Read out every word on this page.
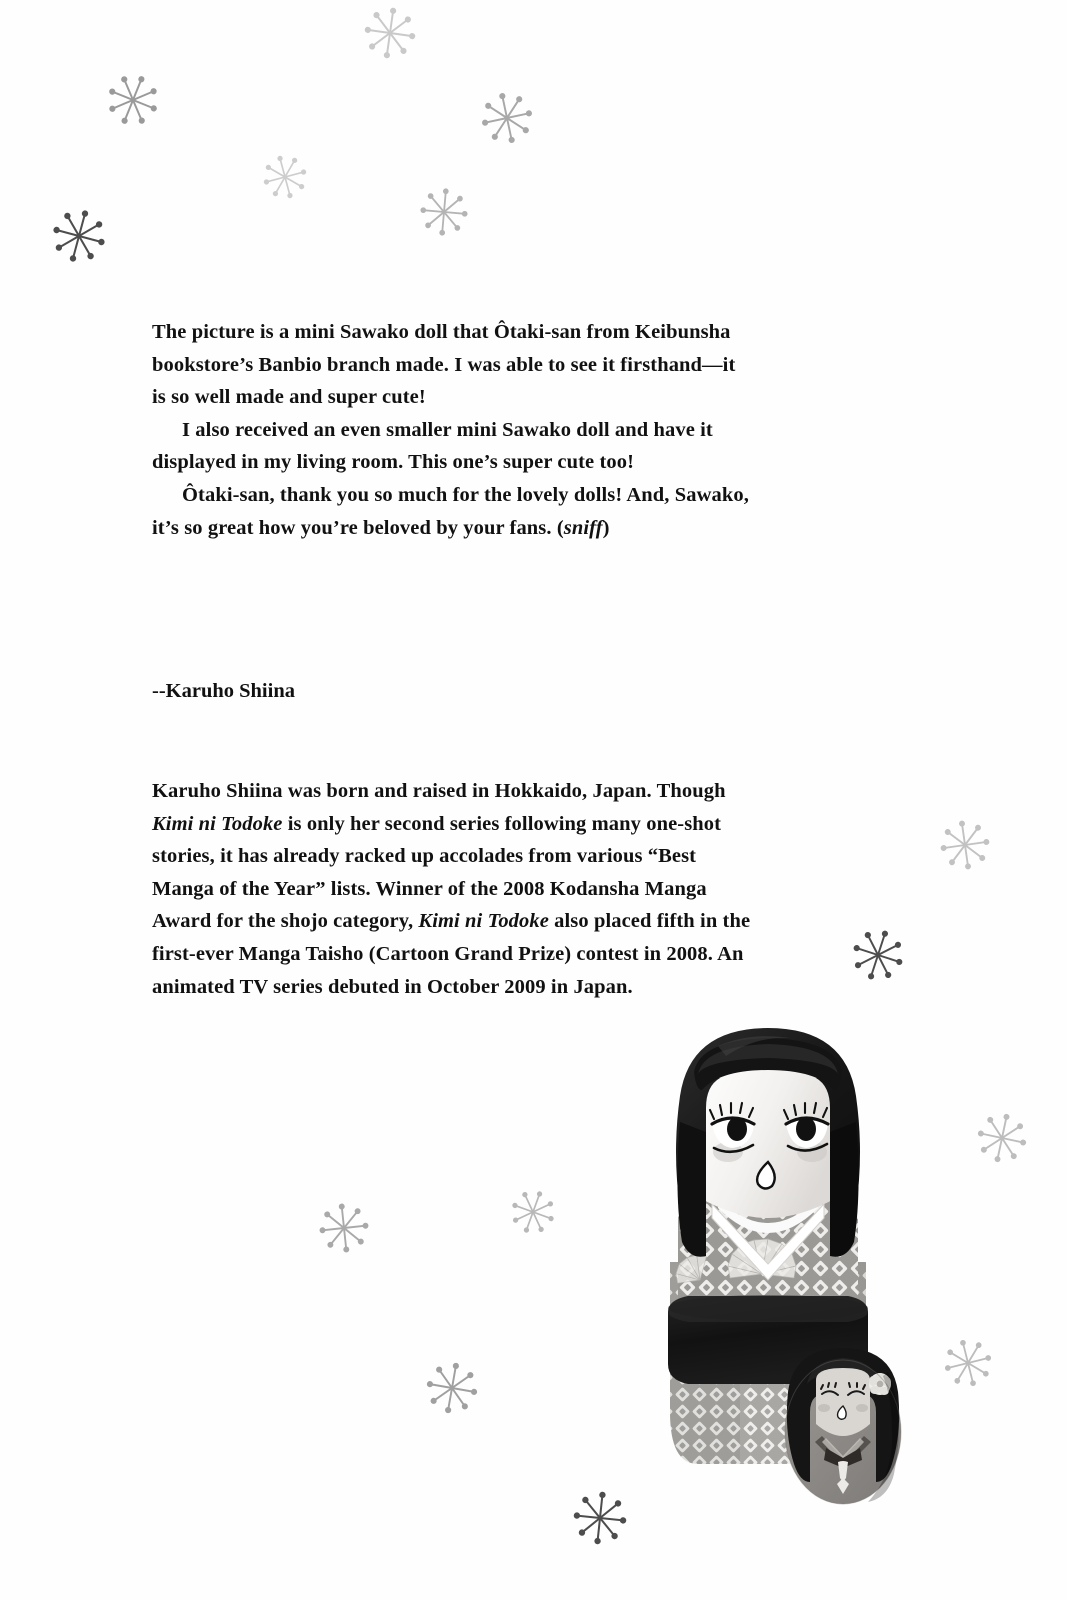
The picture is a mini Sawako doll that Ôtaki-san from Keibunsha bookstore’s Banbio branch made. I was able to see it firsthand—it is so well made and super cute!

I also received an even smaller mini Sawako doll and have it displayed in my living room. This one’s super cute too!

Ôtaki-san, thank you so much for the lovely dolls! And, Sawako, it’s so great how you’re beloved by your fans. (sniff)

--Karuho Shiina
Karuho Shiina was born and raised in Hokkaido, Japan. Though Kimi ni Todoke is only her second series following many one-shot stories, it has already racked up accolades from various “Best Manga of the Year” lists. Winner of the 2008 Kodansha Manga Award for the shojo category, Kimi ni Todoke also placed fifth in the first-ever Manga Taisho (Cartoon Grand Prize) contest in 2008. An animated TV series debuted in October 2009 in Japan.
